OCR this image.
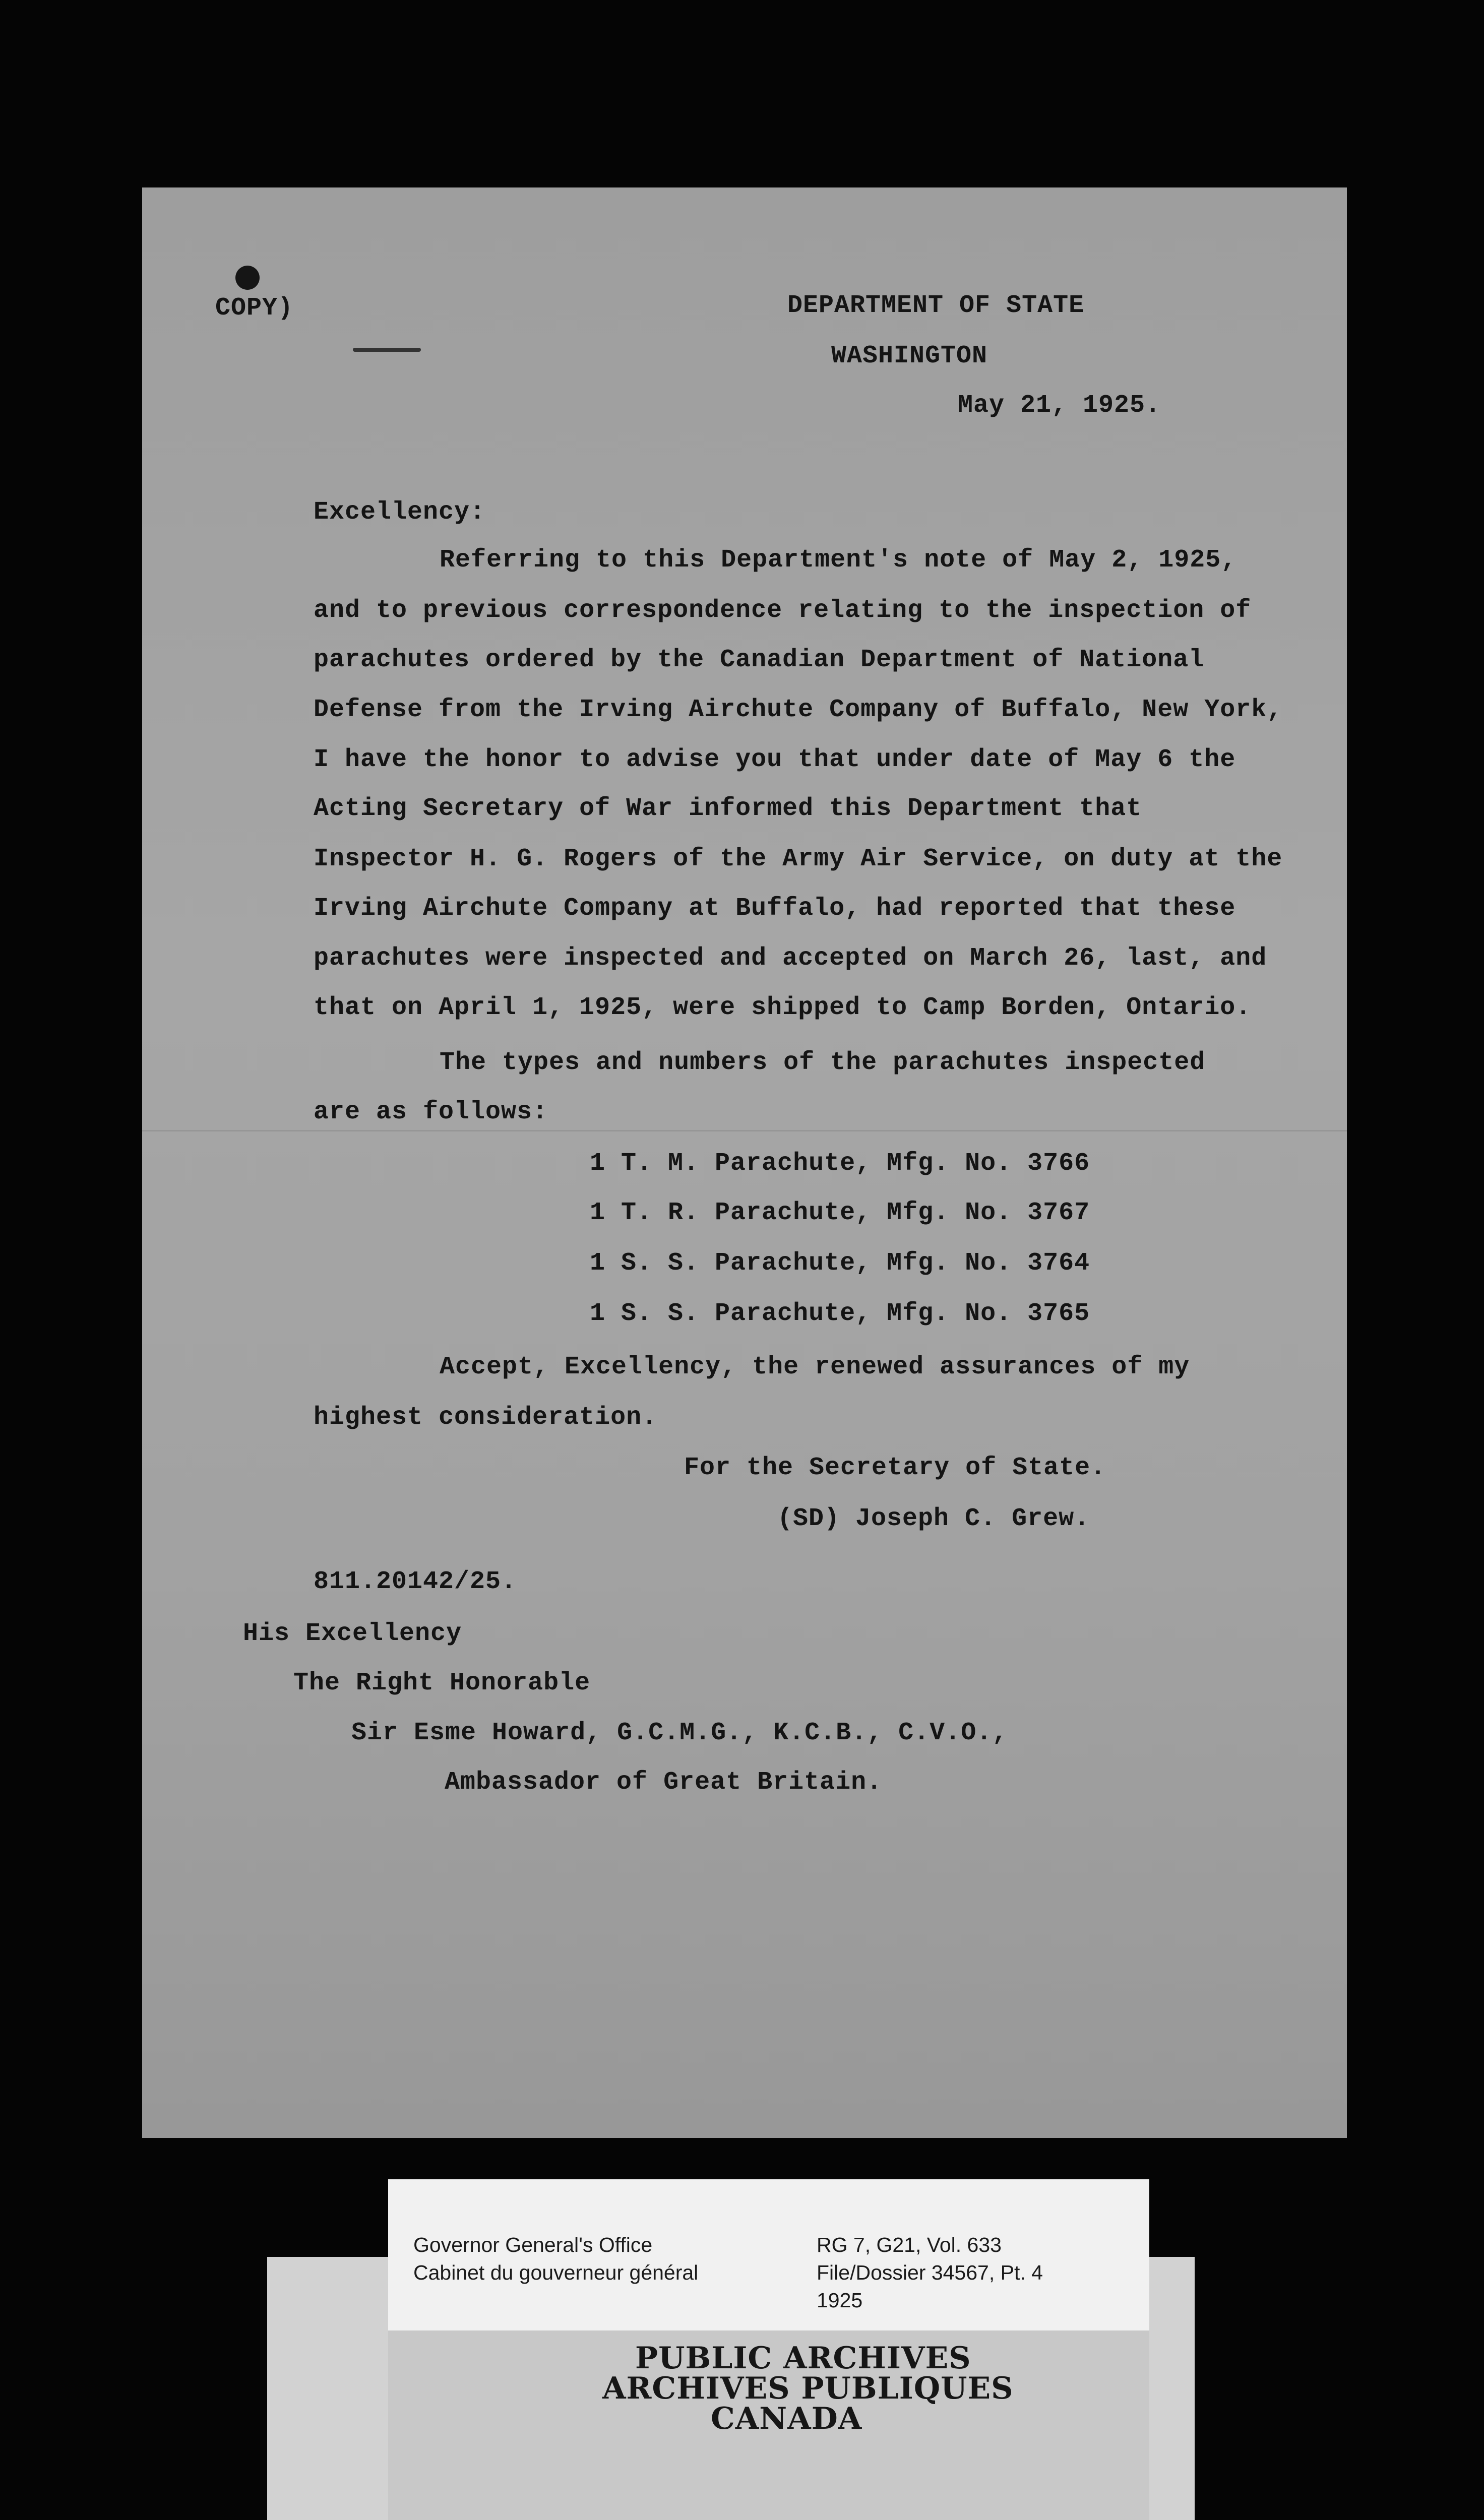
COPY)	DEPARTMENT OF STATE
WASHINGTON
May 21, 1925.
Excellency:
Referring to this Department's note of May 2, 1925,
and to previous correspondence relating to the inspection of
parachutes ordered by the Canadian Department of National
Defense from the Irving Airchute Company of Buffalo, New York,
I have the honor to advise you that under date of May 6 the
Acting Secretary of War informed this Department that
Inspector H. G. Rogers of the Army Air Service, on duty at the
Irving Airchute Company at Buffalo, had reported that these
parachutes were inspected and accepted on March 26, last, and
that on April 1, 1925, were shipped to Camp Borden, Ontario.
The types and numbers of the parachutes inspected
are as follows:
1 T. M. Parachute, Mfg. No. 3766
1 T. R. Parachute, Mfg. No. 3767
1 S. S. Parachute, Mfg. No. 3764
1 S. S. Parachute, Mfg. No. 3765
Accept, Excellency, the renewed assurances of my
highest consideration.
For the Secretary of State.
(SD) Joseph C. Grew.
811.20142/25.
His Excellency
The Right Honorable
Sir Esme Howard, G.C.M.G., K.C.B., C.V.O.,
Ambassador of Great Britain.
Governor General's Office
Cabinet du gouverneur général
RG 7, G21, Vol. 633
File/Dossier 34567, Pt. 4
1925
PUBLIC ARCHIVES
ARCHIVES PUBLIQUES
CANADA
